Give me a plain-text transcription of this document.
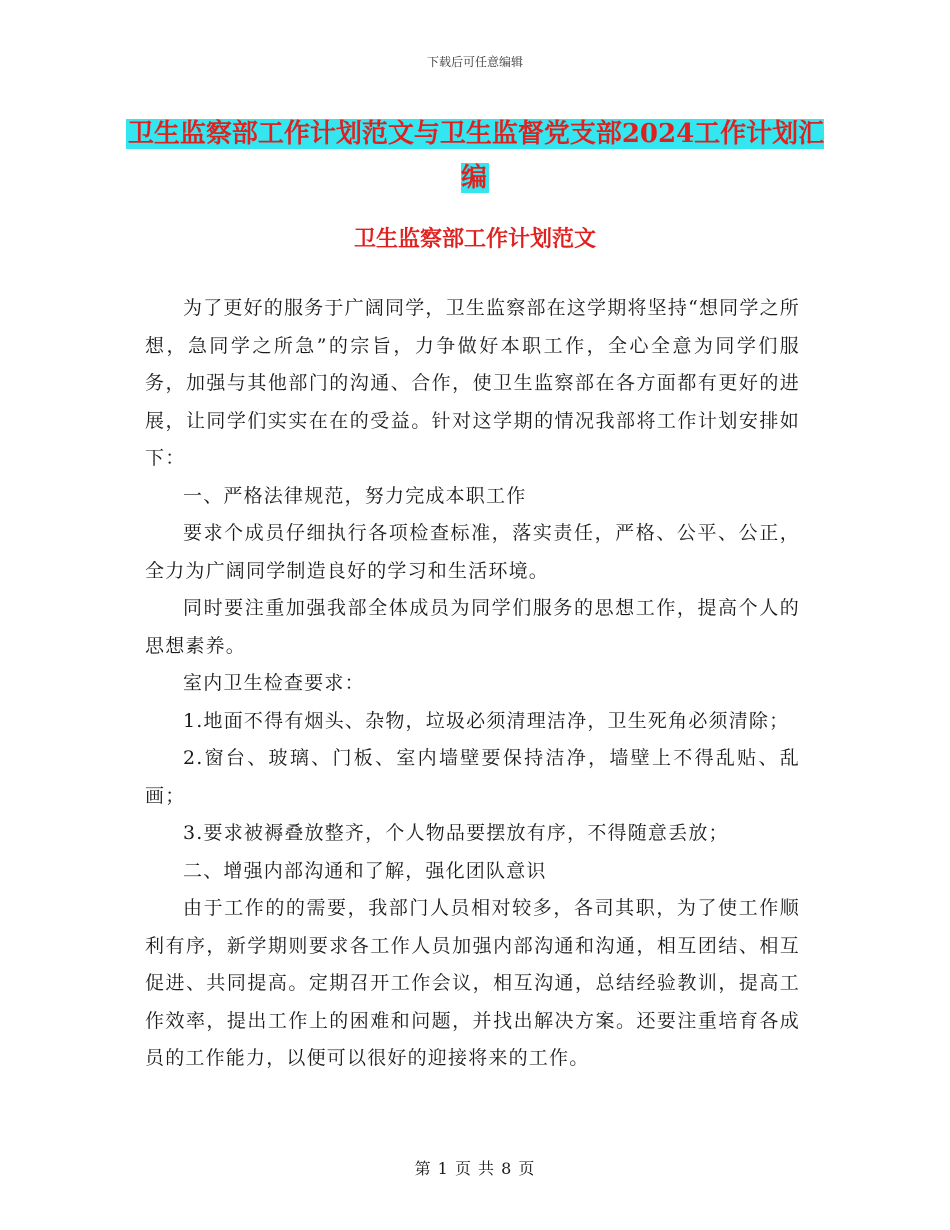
下载后可任意编辑
卫生监察部工作计划范文与卫生监督党支部2024工作计划汇编
卫生监察部工作计划范文

为了更好的服务于广阔同学，卫生监察部在这学期将坚持“想同学之所想，急同学之所急”的宗旨，力争做好本职工作，全心全意为同学们服务，加强与其他部门的沟通、合作，使卫生监察部在各方面都有更好的进展，让同学们实实在在的受益。针对这学期的情况我部将工作计划安排如下：

一、严格法律规范，努力完成本职工作

要求个成员仔细执行各项检查标准，落实责任，严格、公平、公正，全力为广阔同学制造良好的学习和生活环境。

同时要注重加强我部全体成员为同学们服务的思想工作，提高个人的思想素养。

室内卫生检查要求：

1.地面不得有烟头、杂物，垃圾必须清理洁净，卫生死角必须清除；

2.窗台、玻璃、门板、室内墙壁要保持洁净，墙壁上不得乱贴、乱画；

3.要求被褥叠放整齐，个人物品要摆放有序，不得随意丢放；

二、增强内部沟通和了解，强化团队意识

由于工作的的需要，我部门人员相对较多，各司其职，为了使工作顺利有序，新学期则要求各工作人员加强内部沟通和沟通，相互团结、相互促进、共同提高。定期召开工作会议，相互沟通，总结经验教训，提高工作效率，提出工作上的困难和问题，并找出解决方案。还要注重培育各成员的工作能力，以便可以很好的迎接将来的工作。

第 1 页 共 8 页
